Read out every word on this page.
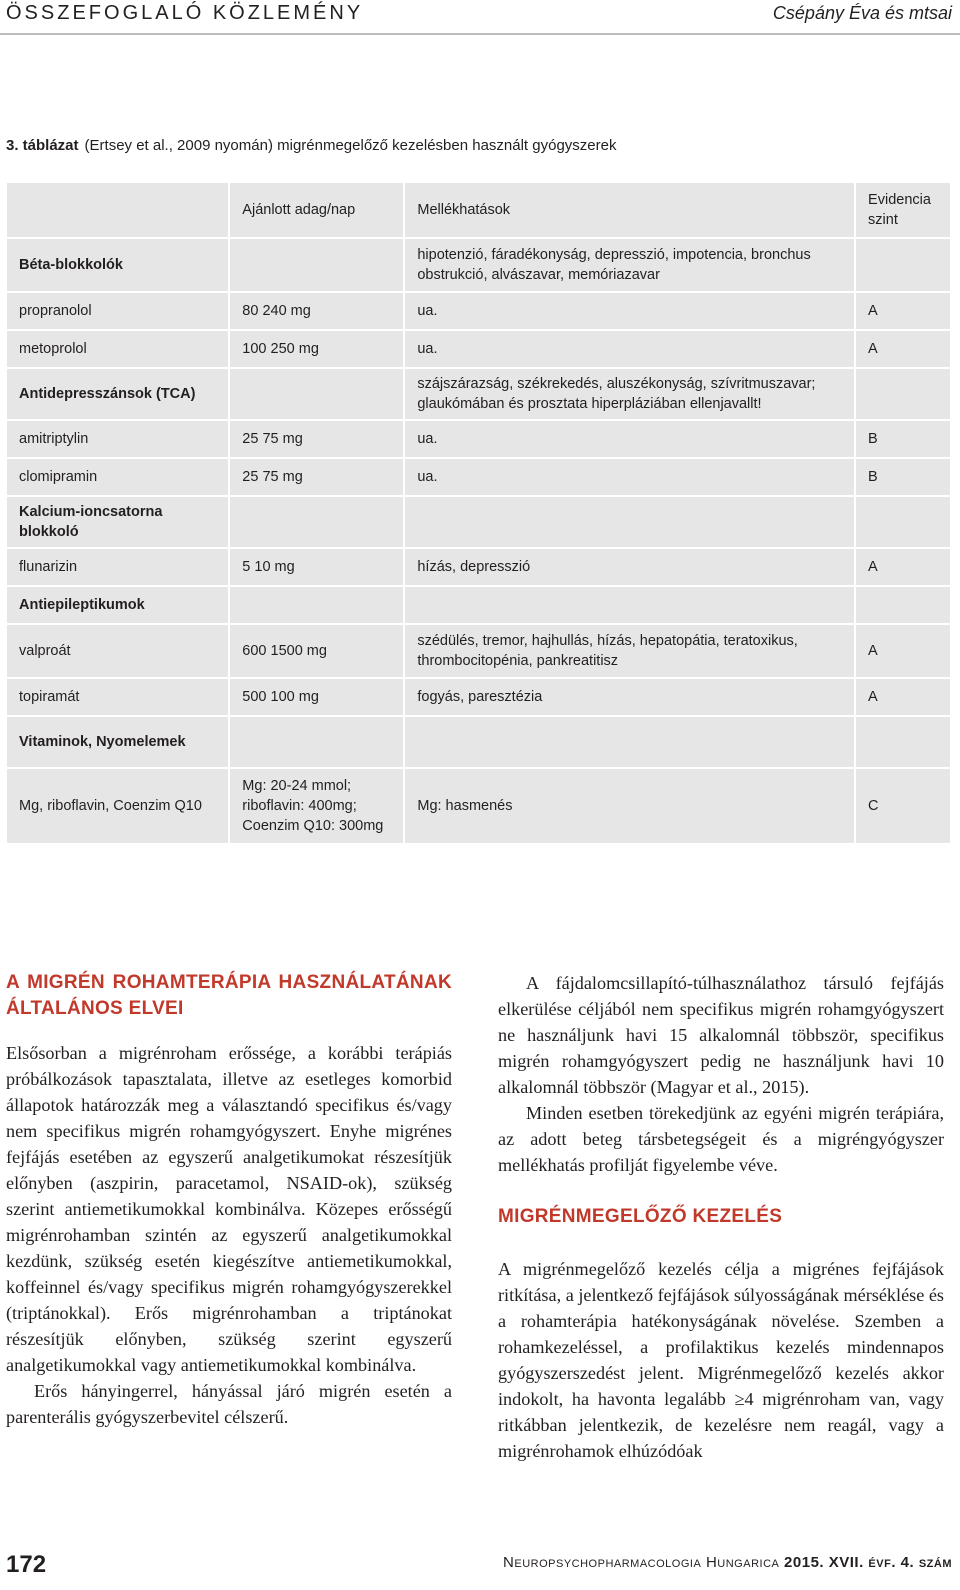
ÖSSZEFOGLALÓ KÖZLEMÉNY	Csépány Éva és mtsai
3. táblázat (Ertsey et al., 2009 nyomán) migrénmegelőző kezelésben használt gyógyszerek
	Ajánlott adag/nap	Mellékhatások	Evidencia szint
Béta-blokkolók		hipotenzió, fáradékonyság, depresszió, impotencia, bronchus obstrukció, alvászavar, memóriazavar	
propranolol	80 240 mg	ua.	A
metoprolol	100 250 mg	ua.	A
Antidepresszánsok (TCA)		szájszárazság, székrekedés, aluszékonyság, szívritmuszavar; glaukómában és prosztata hiperpláziában ellenjavallt!	
amitriptylin	25 75 mg	ua.	B
clomipramin	25 75 mg	ua.	B
Kalcium-ioncsatorna blokkoló			
flunarizin	5 10 mg	hízás, depresszió	A
Antiepileptikumok			
valproát	600 1500 mg	szédülés, tremor, hajhullás, hízás, hepatopátia, teratoxikus, thrombocitopénia, pankreatitisz	A
topiramát	500 100 mg	fogyás, paresztézia	A
Vitaminok, Nyomelemek			
Mg, riboflavin, Coenzim Q10	Mg: 20-24 mmol; riboflavin: 400mg; Coenzim Q10: 300mg	Mg: hasmenés	C
A MIGRÉN ROHAMTERÁPIA HASZNÁLATÁNAK ÁLTALÁNOS ELVEI

Elsősorban a migrénroham erőssége, a korábbi terápiás próbálkozások tapasztalata, illetve az esetleges komorbid állapotok határozzák meg a választandó specifikus és/vagy nem specifikus migrén rohamgyógyszert. Enyhe migrénes fejfájás esetében az egyszerű analgetikumokat részesítjük előnyben (aszpirin, paracetamol, NSAID-ok), szükség szerint antiemetikumokkal kombinálva. Közepes erősségű migrénrohamban szintén az egyszerű analgetikumokkal kezdünk, szükség esetén kiegészítve antiemetikumokkal, koffeinnel és/vagy specifikus migrén rohamgyógyszerekkel (triptánokkal). Erős migrénrohamban a triptánokat részesítjük előnyben, szükség szerint egyszerű analgetikumokkal vagy antiemetikumokkal kombinálva.

Erős hányingerrel, hányással járó migrén esetén a parenterális gyógyszerbevitel célszerű.

A fájdalomcsillapító-túlhasználathoz társuló fejfájás elkerülése céljából nem specifikus migrén rohamgyógyszert ne használjunk havi 15 alkalomnál többször, specifikus migrén rohamgyógyszert pedig ne használjunk havi 10 alkalomnál többször (Magyar et al., 2015).

Minden esetben törekedjünk az egyéni migrén terápiára, az adott beteg társbetegségeit és a migréngyógyszer mellékhatás profilját figyelembe véve.

MIGRÉNMEGELŐZŐ KEZELÉS

A migrénmegelőző kezelés célja a migrénes fejfájások ritkítása, a jelentkező fejfájások súlyosságának mérséklése és a rohamterápia hatékonyságának növelése. Szemben a rohamkezeléssel, a profilaktikus kezelés mindennapos gyógyszerszedést jelent. Migrénmegelőző kezelés akkor indokolt, ha havonta legalább ≥4 migrénroham van, vagy ritkábban jelentkezik, de kezelésre nem reagál, vagy a migrénrohamok elhúzódóak

172	Neuropsychopharmacologia Hungarica 2015. XVII. évf. 4. szám
